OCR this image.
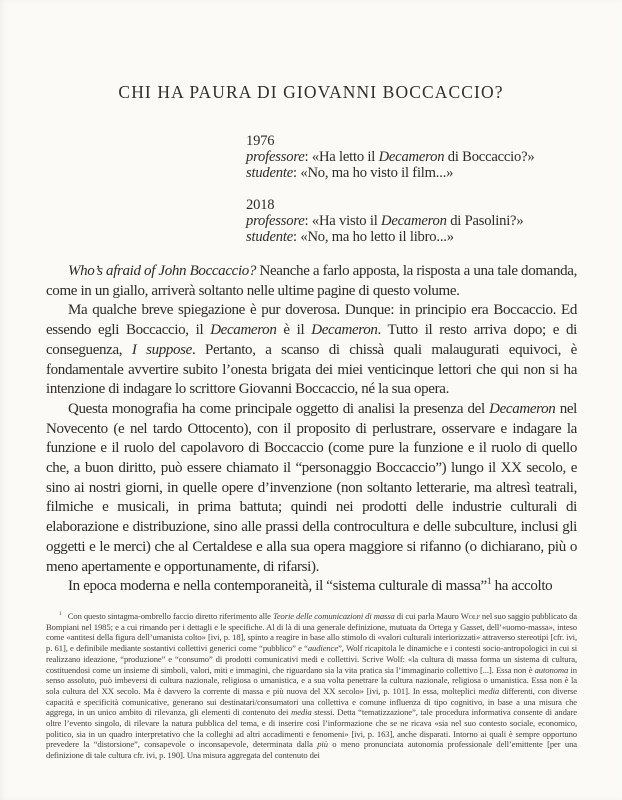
CHI HA PAURA DI GIOVANNI BOCCACCIO?
1976
professore: «Ha letto il Decameron di Boccaccio?»
studente: «No, ma ho visto il film...»
2018
professore: «Ha visto il Decameron di Pasolini?»
studente: «No, ma ho letto il libro...»

Who’s afraid of John Boccaccio? Neanche a farlo apposta, la risposta a una tale domanda, come in un giallo, arriverà soltanto nelle ultime pagine di questo volume.

Ma qualche breve spiegazione è pur doverosa. Dunque: in principio era Boccaccio. Ed essendo egli Boccaccio, il Decameron è il Decameron. Tutto il resto arriva dopo; e di conseguenza, I suppose. Pertanto, a scanso di chissà quali malaugurati equivoci, è fondamentale avvertire subito l’onesta brigata dei miei venticinque lettori che qui non si ha intenzione di indagare lo scrittore Giovanni Boccaccio, né la sua opera.

Questa monografia ha come principale oggetto di analisi la presenza del Decameron nel Novecento (e nel tardo Ottocento), con il proposito di perlustrare, osservare e indagare la funzione e il ruolo del capolavoro di Boccaccio (come pure la funzione e il ruolo di quello che, a buon diritto, può essere chiamato il “personaggio Boccaccio”) lungo il XX secolo, e sino ai nostri giorni, in quelle opere d’invenzione (non soltanto letterarie, ma altresì teatrali, filmiche e musicali, in prima battuta; quindi nei prodotti delle industrie culturali di elaborazione e distribuzione, sino alle prassi della controcultura e delle subculture, inclusi gli oggetti e le merci) che al Certaldese e alla sua opera maggiore si rifanno (o dichiarano, più o meno apertamente e opportunamente, di rifarsi).

In epoca moderna e nella contemporaneità, il “sistema culturale di massa”$^1$ ha accolto

$^1$   Con questo sintagma-ombrello faccio diretto riferimento alle Teorie delle comunicazioni di massa di cui parla Mauro Wolf nel suo saggio pubblicato da Bompiani nel 1985; e a cui rimando per i dettagli e le specifiche. Al di là di una generale definizione, mutuata da Ortega y Gasset, dell’«uomo-massa», inteso come «antitesi della figura dell’umanista colto» [ivi, p. 18], spinto a reagire in base allo stimolo di «valori culturali interiorizzati» attraverso stereotipi [cfr. ivi, p. 61], e definibile mediante sostantivi collettivi generici come “pubblico” e “audience”, Wolf ricapitola le dinamiche e i contesti socio-antropologici in cui si realizzano ideazione, “produzione” e “consumo” di prodotti comunicativi medi e collettivi. Scrive Wolf: «la cultura di massa forma un sistema di cultura, costituendosi come un insieme di simboli, valori, miti e immagini, che riguardano sia la vita pratica sia l’immaginario collettivo [...]. Essa non è autonoma in senso assoluto, può imbeversi di cultura nazionale, religiosa o umanistica, e a sua volta penetrare la cultura nazionale, religiosa o umanistica. Essa non è la sola cultura del XX secolo. Ma è davvero la corrente di massa e più nuova del XX secolo» [ivi, p. 101]. In essa, molteplici media differenti, con diverse capacità e specificità comunicative, generano sui destinatari/consumatori una collettiva e comune influenza di tipo cognitivo, in base a una misura che aggrega, in un unico ambito di rilevanza, gli elementi di contenuto dei media stessi. Detta “tematizzazione”, tale procedura informativa consente di andare oltre l’evento singolo, di rilevare la natura pubblica del tema, e di inserire così l’informazione che se ne ricava «sia nel suo contesto sociale, economico, politico, sia in un quadro interpretativo che la colleghi ad altri accadimenti e fenomeni» [ivi, p. 163], anche disparati. Intorno ai quali è sempre opportuno prevedere la “distorsione”, consapevole o inconsapevole, determinata dalla più o meno pronunciata autonomia professionale dell’emittente [per una definizione di tale cultura cfr. ivi, p. 190]. Una misura aggregata del contenuto dei
